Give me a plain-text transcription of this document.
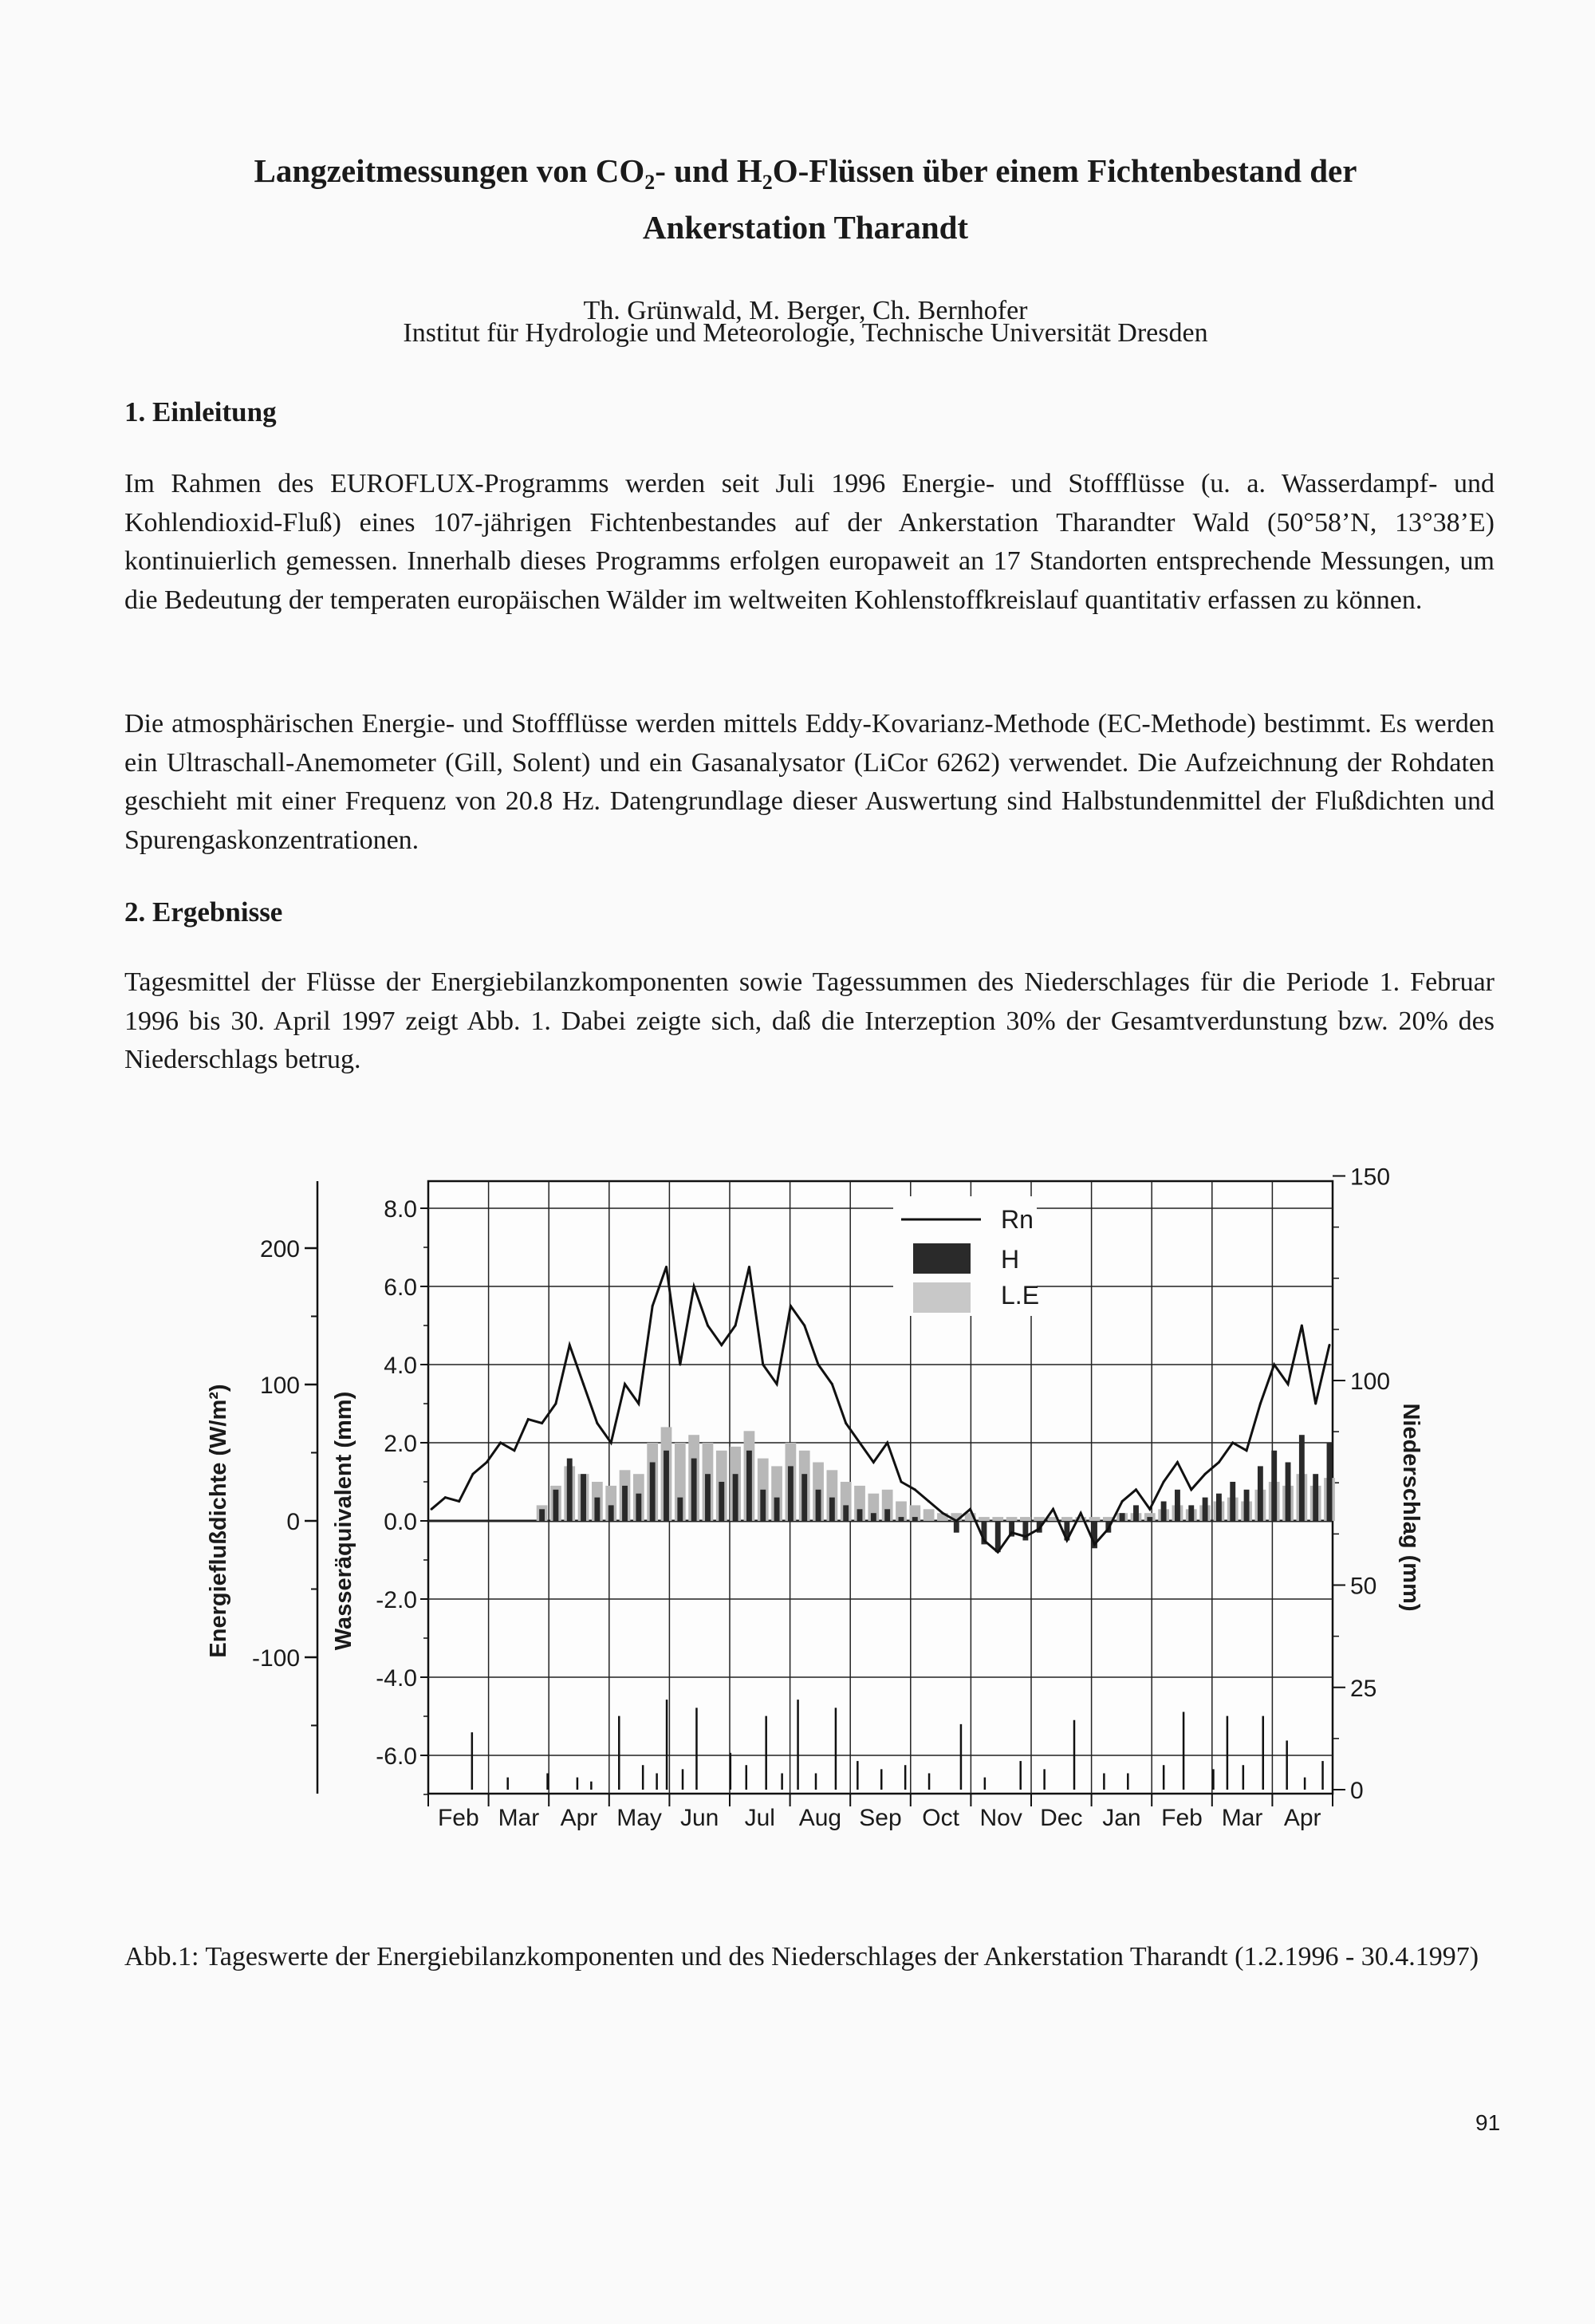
Langzeitmessungen von $CO_2-$ und $H_2O$-Flüssen über einem Fichtenbestand der
Ankerstation Tharandt
Th. Grünwald, M. Berger, Ch. Bernhofer
Institut für Hydrologie und Meteorologie, Technische Universität Dresden
1. Einleitung
Im Rahmen des EUROFLUX-Programms werden seit Juli 1996 Energie- und Stoffflüsse (u. a. Wasserdampf- und Kohlendioxid-Fluß) eines 107-jährigen Fichtenbestandes auf der Ankerstation Tharandter Wald (50°58’N, 13°38’E) kontinuierlich gemessen. Innerhalb dieses Programms erfolgen europaweit an 17 Standorten entsprechende Messungen, um die Bedeutung der temperaten europäischen Wälder im weltweiten Kohlenstoffkreislauf quantitativ erfassen zu können.
Die atmosphärischen Energie- und Stoffflüsse werden mittels Eddy-Kovarianz-Methode (EC-Methode) bestimmt. Es werden ein Ultraschall-Anemometer (Gill, Solent) und ein Gasanalysator (LiCor 6262) verwendet. Die Aufzeichnung der Rohdaten geschieht mit einer Frequenz von 20.8 Hz. Datengrundlage dieser Auswertung sind Halbstundenmittel der Flußdichten und Spurengaskonzentrationen.
2. Ergebnisse
Tagesmittel der Flüsse der Energiebilanzkomponenten sowie Tagessummen des Niederschlages für die Periode 1. Februar 1996 bis 30. April 1997 zeigt Abb. 1. Dabei zeigte sich, daß die Interzeption 30% der Gesamtverdunstung bzw. 20% des Niederschlags betrug.
8.0
6.0
4.0
2.0
0.0
-2.0
-4.0
-6.0
Feb Mar Apr May Jun Jul Aug Sep Oct Nov Dec Jan Feb Mar Apr
200
100
0
-100
Energieflußdichte (W/m²)	Wasseräquivalent (mm)
150
100
50
25
0
Niederschlag (mm)
Rn
H
L.E
Abb.1: Tageswerte der Energiebilanzkomponenten und des Niederschlages der Ankerstation Tharandt (1.2.1996 - 30.4.1997)
91
